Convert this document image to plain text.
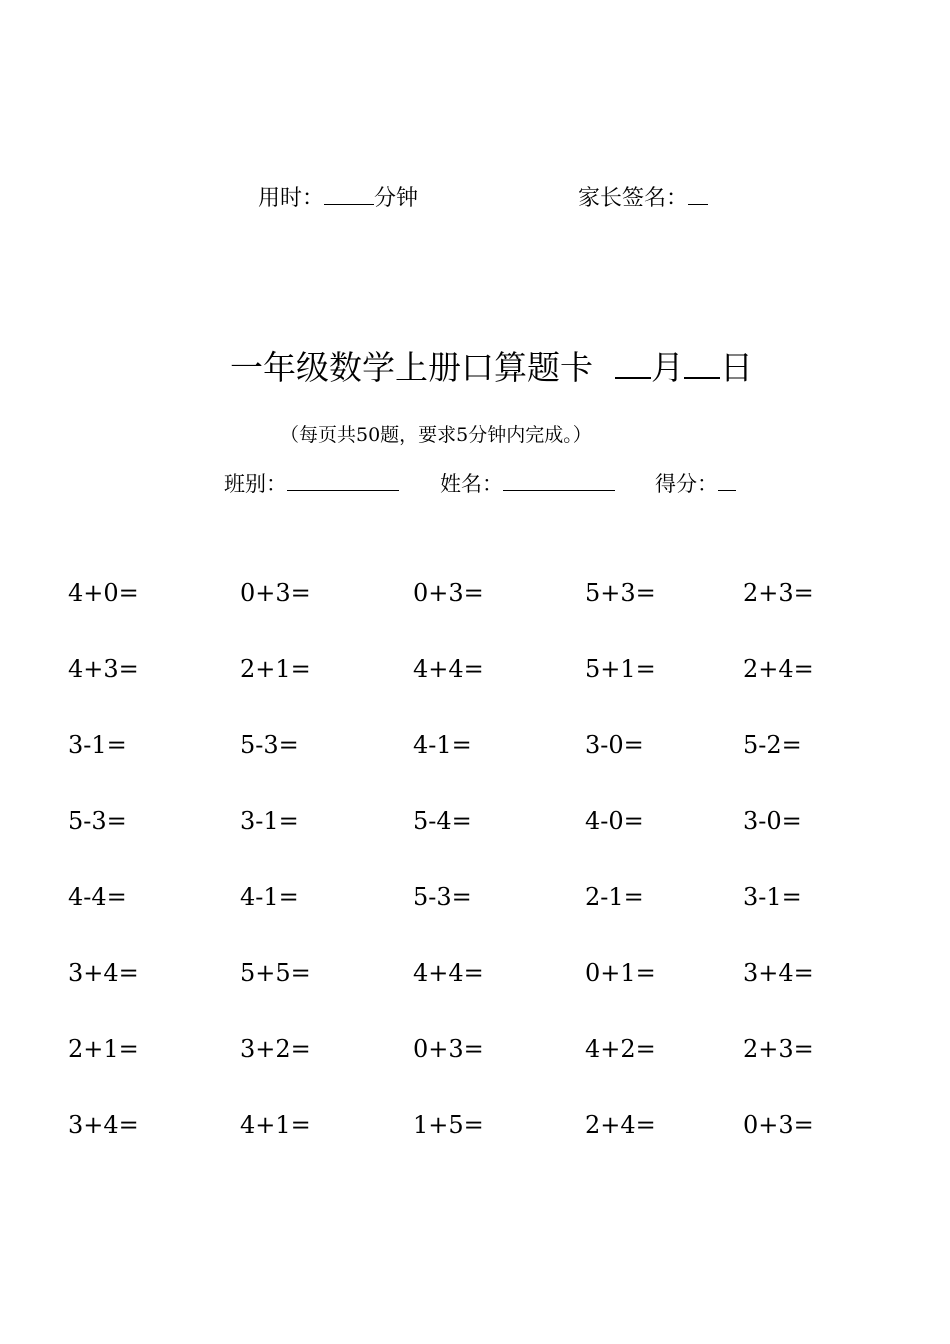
用时： 分钟	家长签名：
一年级数学上册口算题卡 月 日
（每页共50题，要求5分钟内完成。）
班别：	姓名：	得分：
4+0=	0+3=	0+3=	5+3=	2+3=
4+3=	2+1=	4+4=	5+1=	2+4=
3-1=	5-3=	4-1=	3-0=	5-2=
5-3=	3-1=	5-4=	4-0=	3-0=
4-4=	4-1=	5-3=	2-1=	3-1=
3+4=	5+5=	4+4=	0+1=	3+4=
2+1=	3+2=	0+3=	4+2=	2+3=
3+4=	4+1=	1+5=	2+4=	0+3=
